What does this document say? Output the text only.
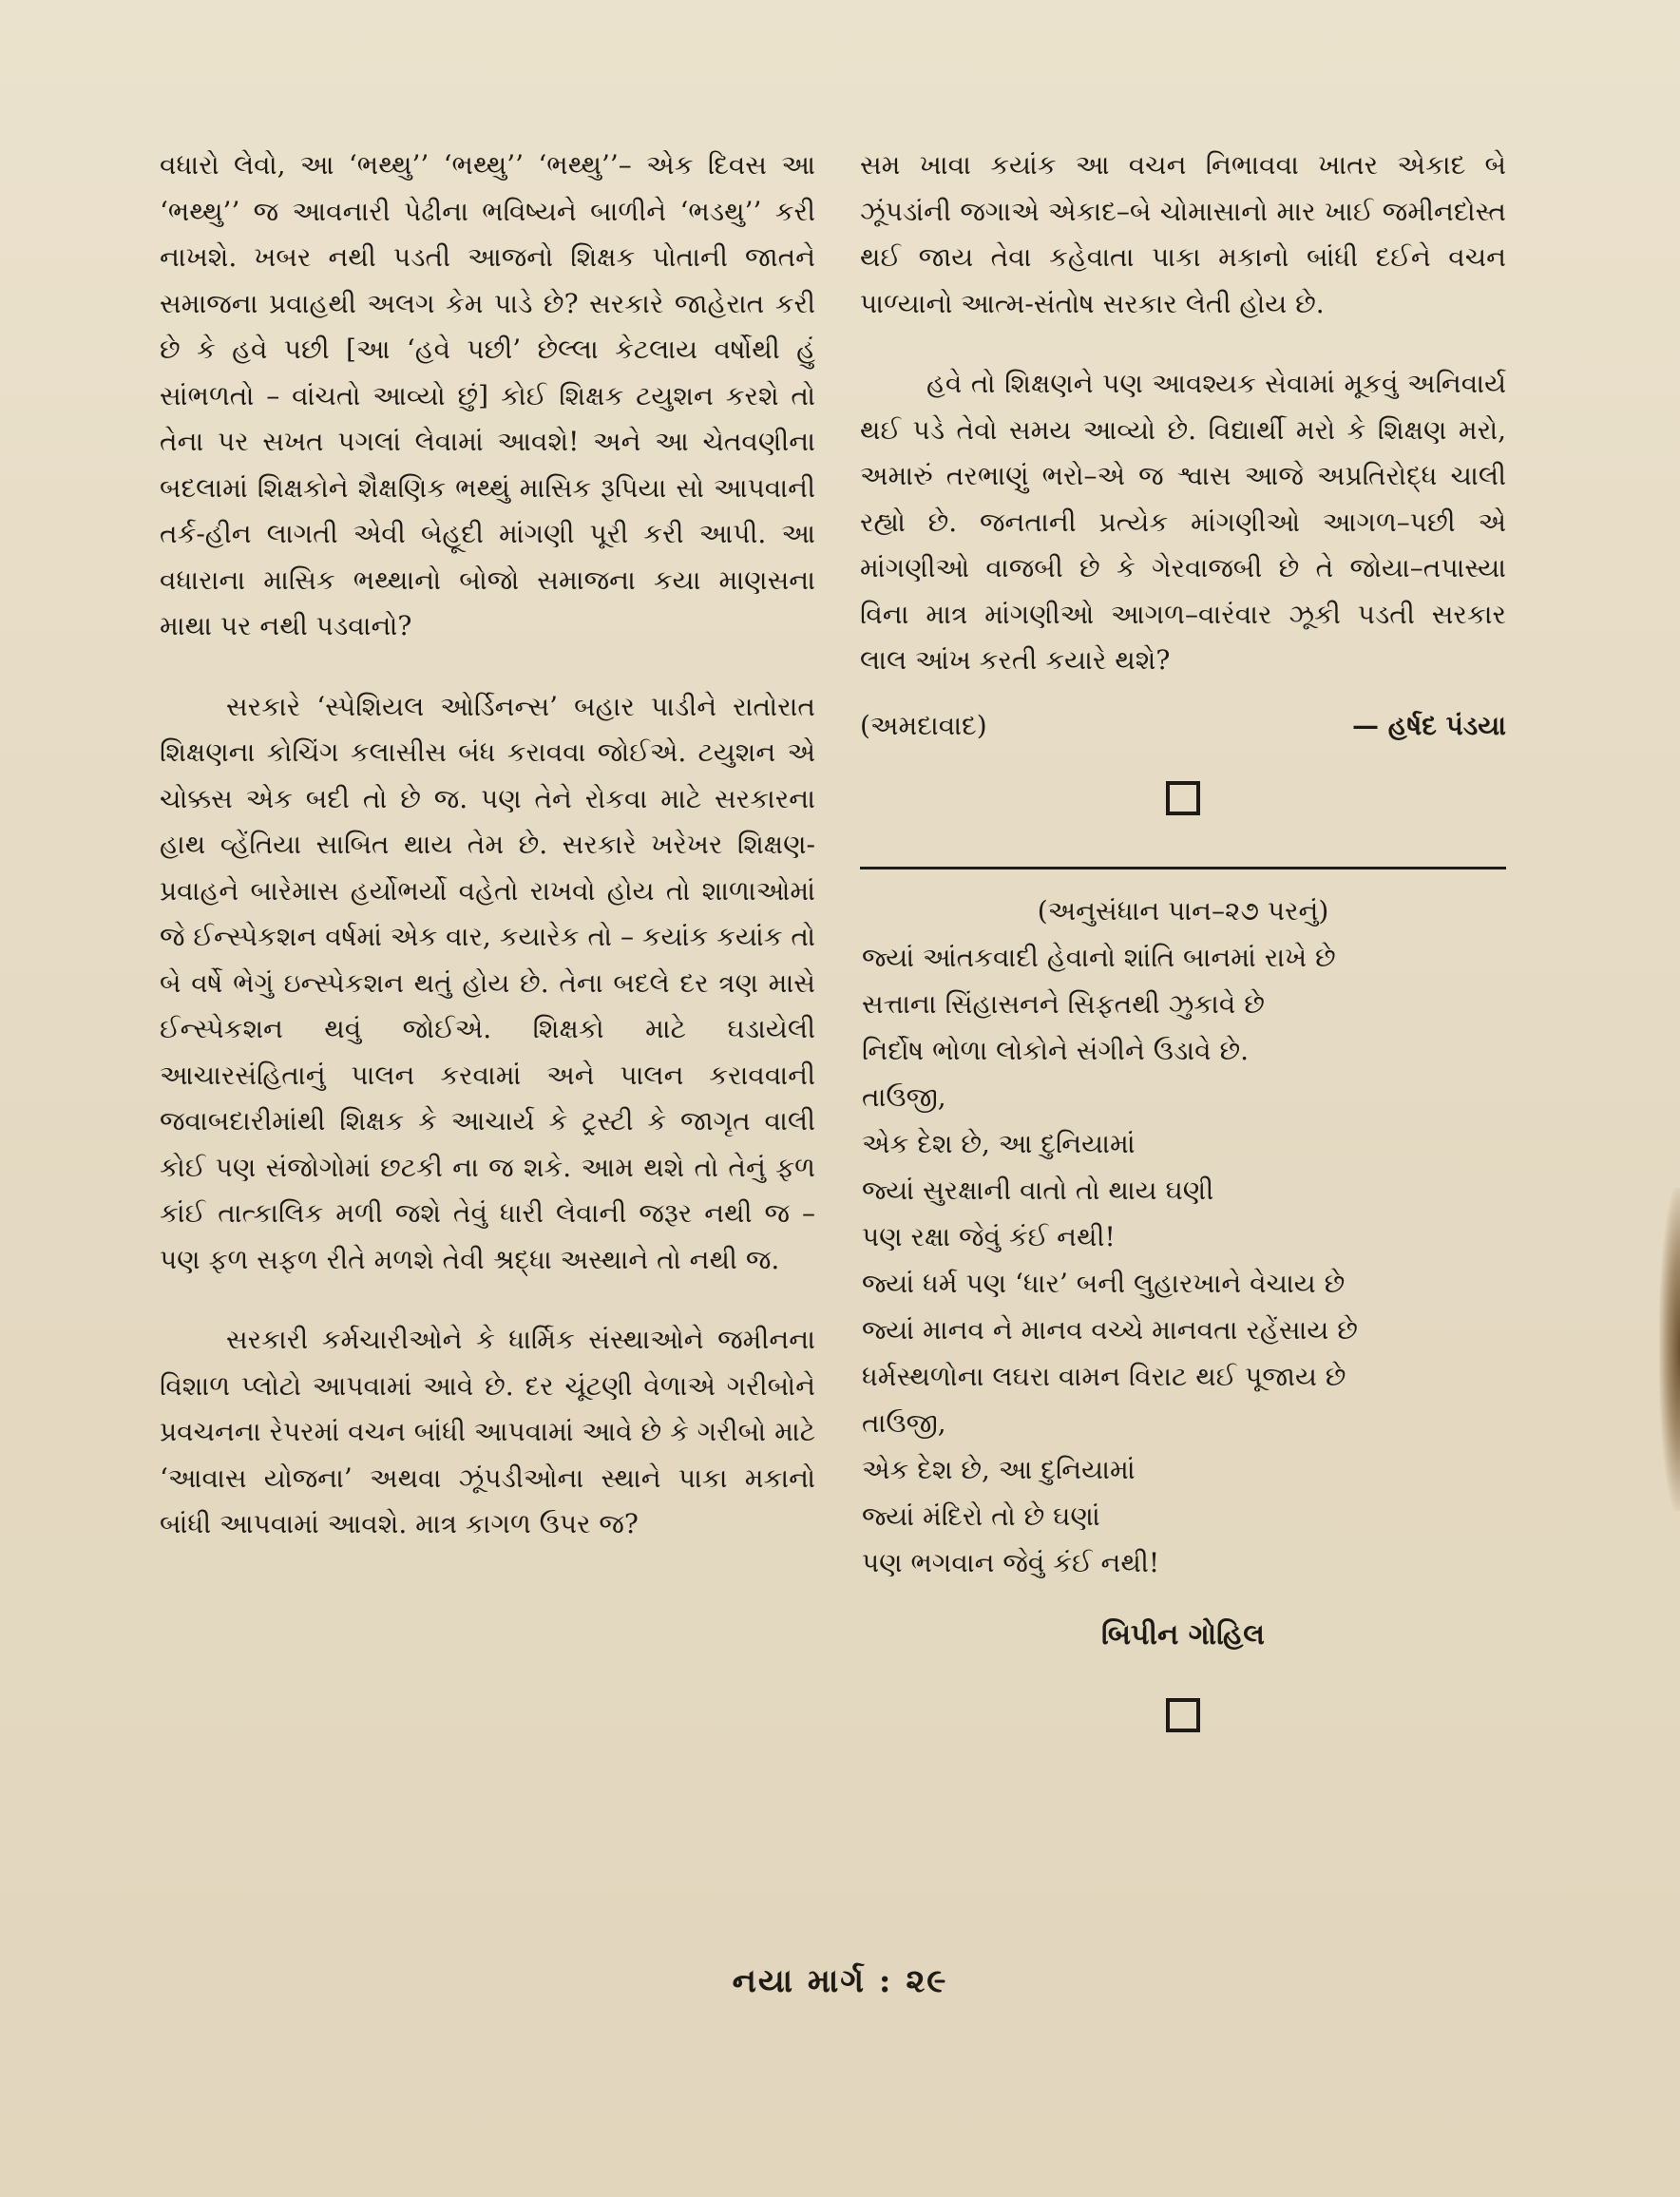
વધારો લેવો, આ ‘ભથ્થુ’’ ‘ભથ્થુ’’ ‘ભથ્થુ’’– એક દિવસ આ ‘ભથ્થુ’’ જ આવનારી પેઢીના ભવિષ્યને બાળીને ‘ભડથુ’’ કરી નાખશે. ખબર નથી પડતી આજનો શિક્ષક પોતાની જાતને સમાજના પ્રવાહથી અલગ કેમ પાડે છે? સરકારે જાહેરાત કરી છે કે હવે પછી [આ ‘હવે પછી’ છેલ્લા કેટલાય વર્ષોથી હું સાંભળતો – વાંચતો આવ્યો છું] કોઈ શિક્ષક ટયુશન કરશે તો તેના પર સખત પગલાં લેવામાં આવશે! અને આ ચેતવણીના બદલામાં શિક્ષકોને શૈક્ષણિક ભથ્થું માસિક રૂપિયા સો આપવાની તર્ક-હીન લાગતી એવી બેહૂદી માંગણી પૂરી કરી આપી. આ વધારાના માસિક ભથ્થાનો બોજો સમાજના કયા માણસના માથા પર નથી પડવાનો?

સરકારે ‘સ્પેશિયલ ઓર્ડિનન્સ’ બહાર પાડીને રાતોરાત શિક્ષણના કોચિંગ કલાસીસ બંધ કરાવવા જોઈએ. ટયુશન એ ચોક્કસ એક બદી તો છે જ. પણ તેને રોકવા માટે સરકારના હાથ વ્હેંતિયા સાબિત થાય તેમ છે. સરકારે ખરેખર શિક્ષણ-પ્રવાહને બારેમાસ હર્યોભર્યો વહેતો રાખવો હોય તો શાળાઓમાં જે ઈન્સ્પેકશન વર્ષમાં એક વાર, કયારેક તો – કયાંક કયાંક તો બે વર્ષે ભેગું ઇન્સ્પેકશન થતું હોય છે. તેના બદલે દર ત્રણ માસે ઈન્સ્પેકશન થવું જોઈએ. શિક્ષકો માટે ઘડાયેલી આચારસંહિતાનું પાલન કરવામાં અને પાલન કરાવવાની જવાબદારીમાંથી શિક્ષક કે આચાર્ય કે ટ્રસ્ટી કે જાગૃત વાલી કોઈ પણ સંજોગોમાં છટકી ના જ શકે. આમ થશે તો તેનું ફળ કાંઈ તાત્કાલિક મળી જશે તેવું ધારી લેવાની જરૂર નથી જ – પણ ફળ સફળ રીતે મળશે તેવી શ્રદ્ધા અસ્થાને તો નથી જ.

સરકારી કર્મચારીઓને કે ધાર્મિક સંસ્થાઓને જમીનના વિશાળ પ્લોટો આપવામાં આવે છે. દર ચૂંટણી વેળાએ ગરીબોને પ્રવચનના રેપરમાં વચન બાંધી આપવામાં આવે છે કે ગરીબો માટે ‘આવાસ યોજના’ અથવા ઝૂંપડીઓના સ્થાને પાકા મકાનો બાંધી આપવામાં આવશે. માત્ર કાગળ ઉપર જ?

સમ ખાવા કયાંક આ વચન નિભાવવા ખાતર એકાદ બે ઝૂંપડાંની જગાએ એકાદ–બે ચોમાસાનો માર ખાઈ જમીનદોસ્ત થઈ જાય તેવા કહેવાતા પાકા મકાનો બાંધી દઈને વચન પાળ્યાનો આત્મ-સંતોષ સરકાર લેતી હોય છે.

હવે તો શિક્ષણને પણ આવશ્યક સેવામાં મૂકવું અનિવાર્ય થઈ પડે તેવો સમય આવ્યો છે. વિદ્યાર્થી મરો કે શિક્ષણ મરો, અમારું તરભાણું ભરો–એ જ શ્વાસ આજે અપ્રતિરોદ્ધ ચાલી રહ્યો છે. જનતાની પ્રત્યેક માંગણીઓ આગળ–પછી એ માંગણીઓ વાજબી છે કે ગેરવાજબી છે તે જોયા–તપાસ્યા વિના માત્ર માંગણીઓ આગળ–વારંવાર ઝૂકી પડતી સરકાર લાલ આંખ કરતી કયારે થશે?

(અમદાવાદ)	— હર્ષદ પંડયા
(અનુસંધાન પાન–૨૭ પરનું)

જ્યાં આંતકવાદી હેવાનો શાંતિ બાનમાં રાખે છે

સત્તાના સિંહાસનને સિફતથી ઝુકાવે છે

નિર્દોષ ભોળા લોકોને સંગીને ઉડાવે છે.

તાઉજી,

એક દેશ છે, આ દુનિયામાં

જ્યાં સુરક્ષાની વાતો તો થાય ઘણી

પણ રક્ષા જેવું કંઈ નથી!

જ્યાં ધર્મ પણ ‘ધાર’ બની લુહારખાને વેચાય છે

જ્યાં માનવ ને માનવ વચ્ચે માનવતા રહેંસાય છે

ધર્મસ્થળોના લઘરા વામન વિરાટ થઈ પૂજાય છે

તાઉજી,

એક દેશ છે, આ દુનિયામાં

જ્યાં મંદિરો તો છે ઘણાં

પણ ભગવાન જેવું કંઈ નથી!

બિપીન ગોહિલ
નયા માર્ગ : ૨૯
